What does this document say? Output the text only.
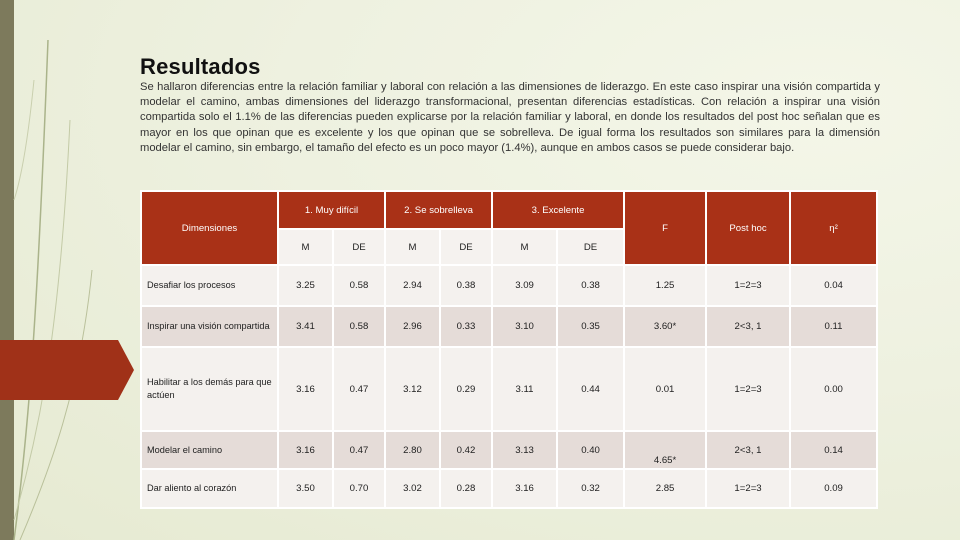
Resultados
Se hallaron diferencias entre la relación familiar y laboral con relación a las dimensiones de liderazgo. En este caso inspirar una visión compartida y modelar el camino, ambas dimensiones del liderazgo transformacional, presentan diferencias estadísticas. Con relación a inspirar una visión compartida solo el 1.1% de las diferencias pueden explicarse por la relación familiar y laboral, en donde los resultados del post hoc señalan que es mayor en los que opinan que es excelente y los que opinan que se sobrelleva. De igual forma los resultados son similares para la dimensión modelar el camino, sin embargo, el tamaño del efecto es un poco mayor (1.4%), aunque en ambos casos se puede considerar bajo.
Dimensiones	1. Muy difícil		2. Se sobrelleva		3. Excelente		F	Post hoc	η²
	M	DE	M	DE	M	DE			
Desafiar los procesos	3.25	0.58	2.94	0.38	3.09	0.38	1.25	1=2=3	0.04
Inspirar una visión compartida	3.41	0.58	2.96	0.33	3.10	0.35	3.60*	2<3, 1	0.11
Habilitar a los demás para que actúen	3.16	0.47	3.12	0.29	3.11	0.44	0.01	1=2=3	0.00
Modelar el camino	3.16	0.47	2.80	0.42	3.13	0.40	4.65*	2<3, 1	0.14
Dar aliento al corazón	3.50	0.70	3.02	0.28	3.16	0.32	2.85	1=2=3	0.09
